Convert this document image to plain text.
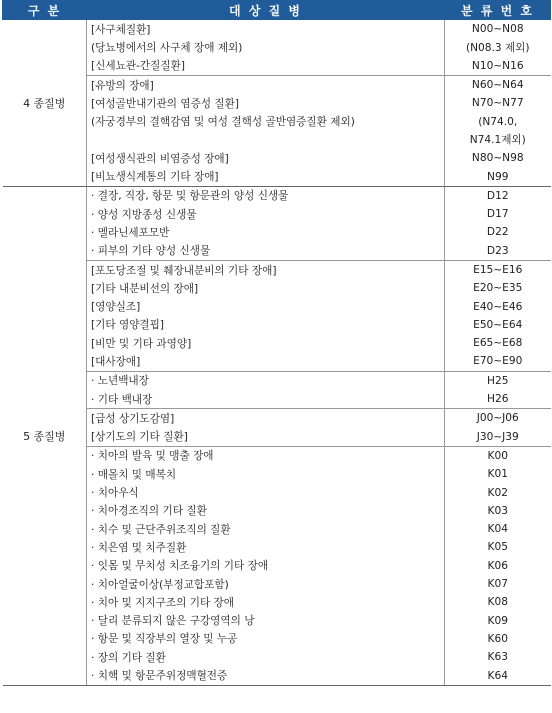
구 분	대 상 질 병	분 류 번 호
4 종질병	[사구체질환]	N00~N08
	(당뇨병에서의 사구체 장애 제외)	(N08.3 제외)
	[신세뇨관-간질질환]	N10~N16
	[유방의 장애]	N60~N64
	[여성골반내기관의 염증성 질환]	N70~N77
	(자궁경부의 결핵감염 및 여성 결핵성 골반염증질환 제외)	(N74.0,
		N74.1제외)
	[여성생식관의 비염증성 장애]	N80~N98
	[비뇨생식계통의 기타 장애]	N99
5 종질병	· 결장, 직장, 항문 및 항문관의 양성 신생물	D12
	· 양성 지방종성 신생물	D17
	· 멜라닌세포모반	D22
	· 피부의 기타 양성 신생물	D23
	[포도당조절 및 췌장내분비의 기타 장애]	E15~E16
	[기타 내분비선의 장애]	E20~E35
	[영양실조]	E40~E46
	[기타 영양결핍]	E50~E64
	[비만 및 기타 과영양]	E65~E68
	[대사장애]	E70~E90
	· 노년백내장	H25
	· 기타 백내장	H26
	[급성 상기도감염]	J00~J06
	[상기도의 기타 질환]	J30~J39
	· 치아의 발육 및 맹출 장애	K00
	· 매몰치 및 매복치	K01
	· 치아우식	K02
	· 치아경조직의 기타 질환	K03
	· 치수 및 근단주위조직의 질환	K04
	· 치은염 및 치주질환	K05
	· 잇몸 및 무치성 치조융기의 기타 장애	K06
	· 치아얼굴이상(부정교합포함)	K07
	· 치아 및 지지구조의 기타 장애	K08
	· 달리 분류되지 않은 구강영역의 낭	K09
	· 항문 및 직장부의 열장 및 누공	K60
	· 장의 기타 질환	K63
	· 치핵 및 항문주위정맥혈전증	K64
